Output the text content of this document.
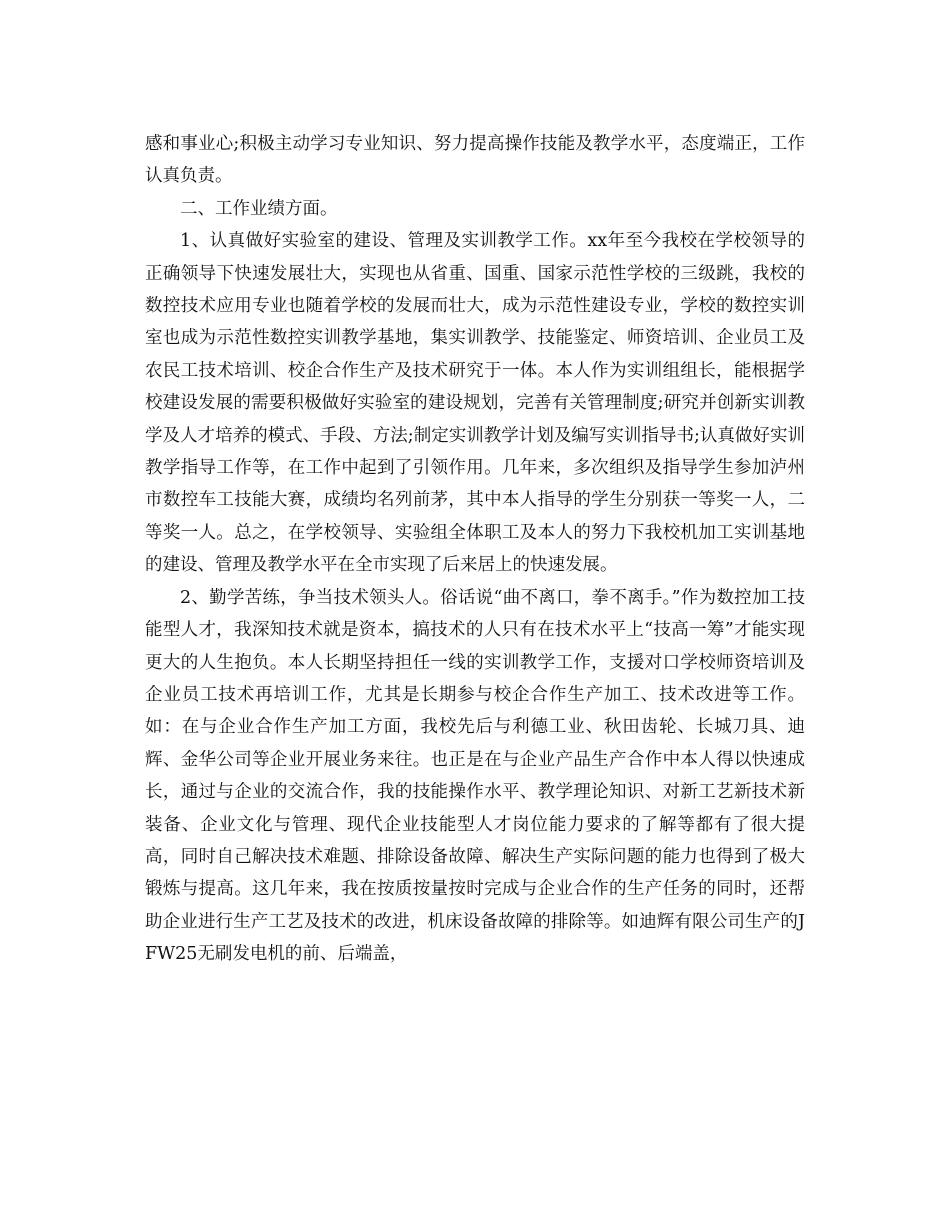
感和事业心;积极主动学习专业知识、努力提高操作技能及教学水平，态度端正，工作认真负责。

二、工作业绩方面。

1、认真做好实验室的建设、管理及实训教学工作。xx年至今我校在学校领导的正确领导下快速发展壮大，实现也从省重、国重、国家示范性学校的三级跳，我校的数控技术应用专业也随着学校的发展而壮大，成为示范性建设专业，学校的数控实训室也成为示范性数控实训教学基地，集实训教学、技能鉴定、师资培训、企业员工及农民工技术培训、校企合作生产及技术研究于一体。本人作为实训组组长，能根据学校建设发展的需要积极做好实验室的建设规划，完善有关管理制度;研究并创新实训教学及人才培养的模式、手段、方法;制定实训教学计划及编写实训指导书;认真做好实训教学指导工作等，在工作中起到了引领作用。几年来，多次组织及指导学生参加泸州市数控车工技能大赛，成绩均名列前茅，其中本人指导的学生分别获一等奖一人，二等奖一人。总之，在学校领导、实验组全体职工及本人的努力下我校机加工实训基地的建设、管理及教学水平在全市实现了后来居上的快速发展。

2、勤学苦练，争当技术领头人。俗话说“曲不离口，拳不离手。”作为数控加工技能型人才，我深知技术就是资本，搞技术的人只有在技术水平上“技高一筹”才能实现更大的人生抱负。本人长期坚持担任一线的实训教学工作，支援对口学校师资培训及企业员工技术再培训工作，尤其是长期参与校企合作生产加工、技术改进等工作。如：在与企业合作生产加工方面，我校先后与利德工业、秋田齿轮、长城刀具、迪辉、金华公司等企业开展业务来往。也正是在与企业产品生产合作中本人得以快速成长，通过与企业的交流合作，我的技能操作水平、教学理论知识、对新工艺新技术新装备、企业文化与管理、现代企业技能型人才岗位能力要求的了解等都有了很大提高，同时自己解决技术难题、排除设备故障、解决生产实际问题的能力也得到了极大锻炼与提高。这几年来，我在按质按量按时完成与企业合作的生产任务的同时，还帮助企业进行生产工艺及技术的改进，机床设备故障的排除等。如迪辉有限公司生产的JFW25无刷发电机的前、后端盖，
